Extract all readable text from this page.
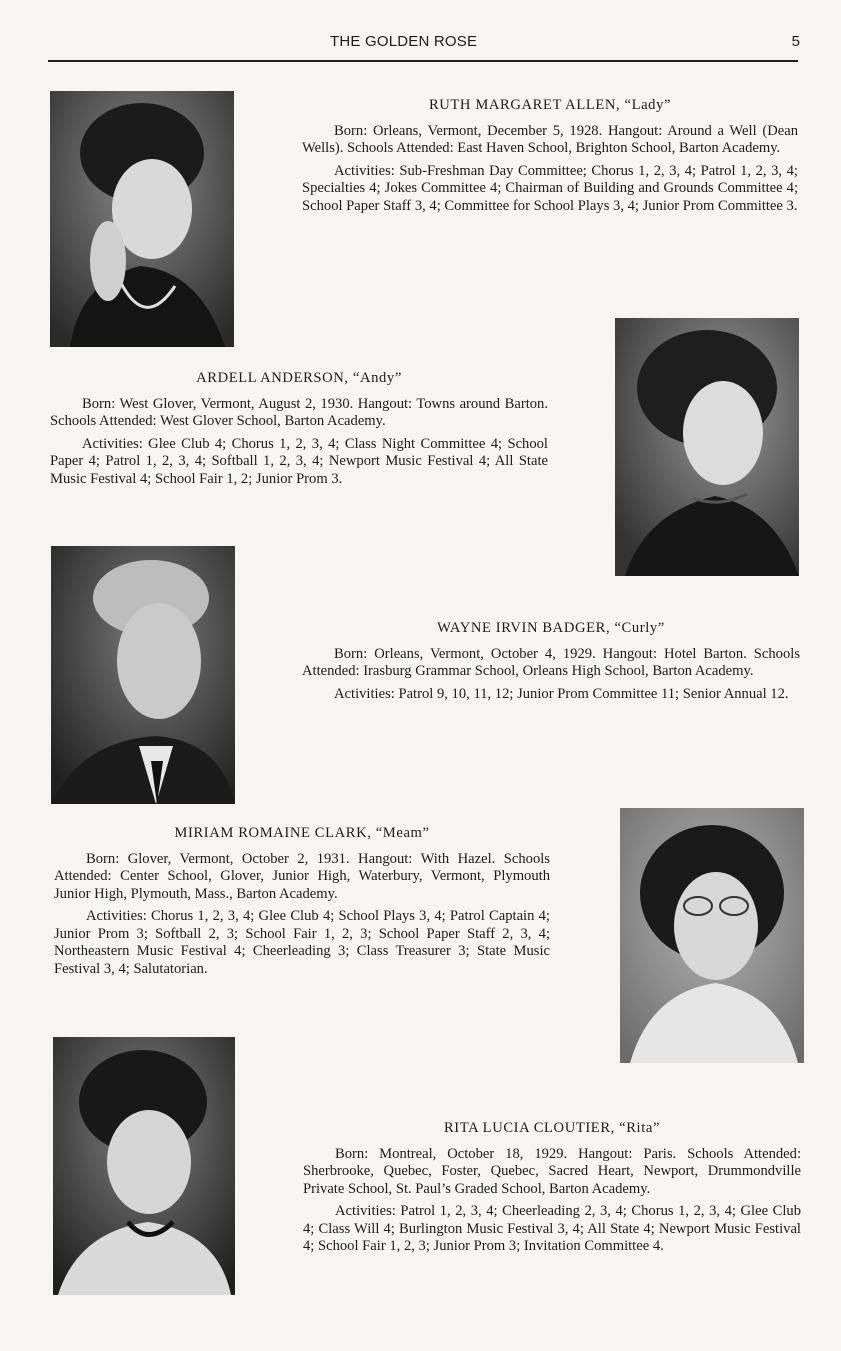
THE GOLDEN ROSE	5
RUTH MARGARET ALLEN, “Lady”

Born: Orleans, Vermont, December 5, 1928. Hangout: Around a Well (Dean Wells). Schools Attended: East Haven School, Brighton School, Barton Academy.

Activities: Sub-Freshman Day Committee; Chorus 1, 2, 3, 4; Patrol 1, 2, 3, 4; Specialties 4; Jokes Committee 4; Chairman of Building and Grounds Committee 4; School Paper Staff 3, 4; Committee for School Plays 3, 4; Junior Prom Committee 3.

ARDELL ANDERSON, “Andy”

Born: West Glover, Vermont, August 2, 1930. Hangout: Towns around Barton. Schools Attended: West Glover School, Barton Academy.

Activities: Glee Club 4; Chorus 1, 2, 3, 4; Class Night Committee 4; School Paper 4; Patrol 1, 2, 3, 4; Softball 1, 2, 3, 4; Newport Music Festival 4; All State Music Festival 4; School Fair 1, 2; Junior Prom 3.

WAYNE IRVIN BADGER, “Curly”

Born: Orleans, Vermont, October 4, 1929. Hangout: Hotel Barton. Schools Attended: Irasburg Grammar School, Orleans High School, Barton Academy.

Activities: Patrol 9, 10, 11, 12; Junior Prom Committee 11; Senior Annual 12.

MIRIAM ROMAINE CLARK, “Meam”

Born: Glover, Vermont, October 2, 1931. Hangout: With Hazel. Schools Attended: Center School, Glover, Junior High, Waterbury, Vermont, Plymouth Junior High, Plymouth, Mass., Barton Academy.

Activities: Chorus 1, 2, 3, 4; Glee Club 4; School Plays 3, 4; Patrol Captain 4; Junior Prom 3; Softball 2, 3; School Fair 1, 2, 3; School Paper Staff 2, 3, 4; Northeastern Music Festival 4; Cheerleading 3; Class Treasurer 3; State Music Festival 3, 4; Salutatorian.

RITA LUCIA CLOUTIER, “Rita”

Born: Montreal, October 18, 1929. Hangout: Paris. Schools Attended: Sherbrooke, Quebec, Foster, Quebec, Sacred Heart, Newport, Drummondville Private School, St. Paul’s Graded School, Barton Academy.

Activities: Patrol 1, 2, 3, 4; Cheerleading 2, 3, 4; Chorus 1, 2, 3, 4; Glee Club 4; Class Will 4; Burlington Music Festival 3, 4; All State 4; Newport Music Festival 4; School Fair 1, 2, 3; Junior Prom 3; Invitation Committee 4.
